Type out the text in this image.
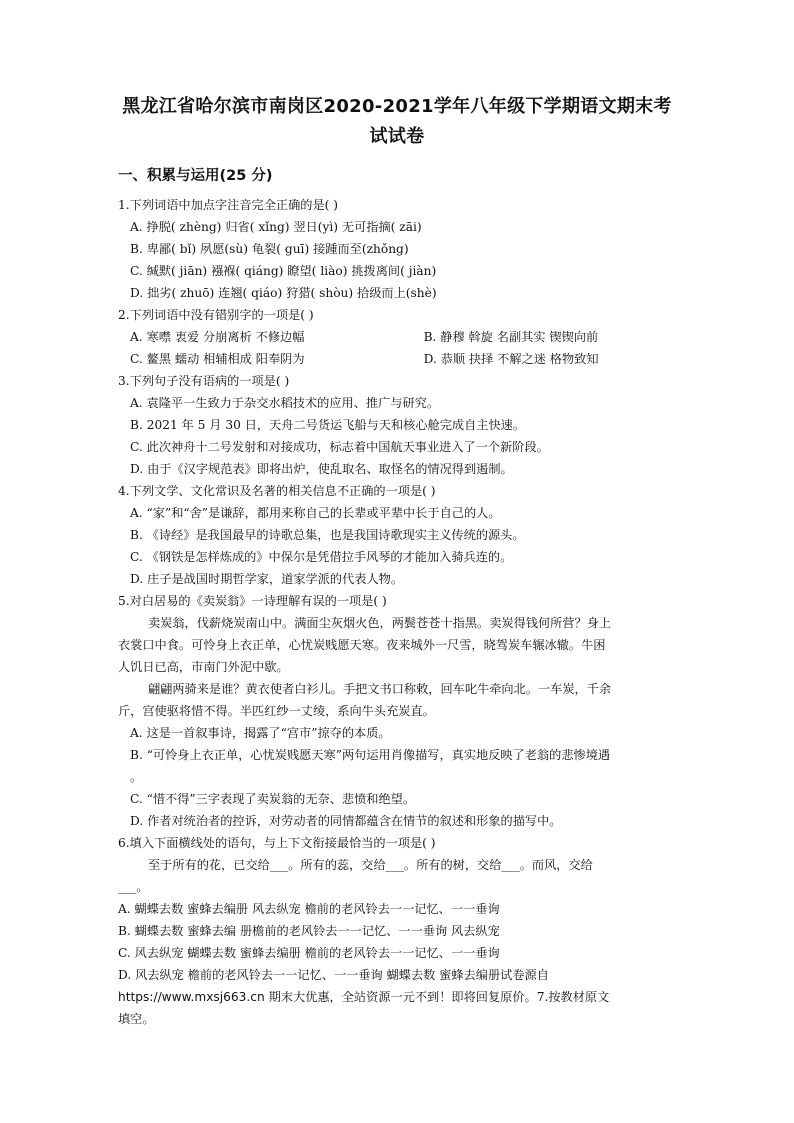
黑龙江省哈尔滨市南岗区2020-2021学年八年级下学期语文期末考
试试卷
一、积累与运用(25 分)
1.下列词语中加点字注音完全正确的是( )
A. 挣脱( zhèng) 归省( xǐng) 翌日(yì) 无可指摘( zāi)
B. 卑鄙( bǐ) 夙愿(sù) 龟裂( guī) 接踵而至(zhǒng)
C. 缄默( jiān) 襁褓( qiáng) 瞭望( liào) 挑拨离间( jiàn)
D. 拙劣( zhuō) 连翘( qiáo) 狩猎( shòu) 拾级而上(shè)
2.下列词语中没有错别字的一项是( )
A. 寒噤 衷爱 分崩离析 不修边幅	B. 静穆 斡旋 名副其实 锲锲向前
C. 鳌黑 蠕动 相辅相成 阳奉阴为	D. 恭顺 抉择 不解之迷 格物致知
3.下列句子没有语病的一项是( )
A. 袁隆平一生致力于杂交水稻技术的应用、推广与研究。
B. 2021 年 5 月 30 日，天舟二号货运飞船与天和核心舱完成自主快速。
C. 此次神舟十二号发射和对接成功，标志着中国航天事业进入了一个新阶段。
D. 由于《汉字规范表》即将出炉，使乱取名、取怪名的情况得到遏制。
4.下列文学、文化常识及名著的相关信息不正确的一项是( )
A. “家”和“舍”是谦辞，都用来称自己的长辈或平辈中长于自己的人。
B. 《诗经》是我国最早的诗歌总集，也是我国诗歌现实主义传统的源头。
C. 《钢铁是怎样炼成的》中保尔是凭借拉手风琴的才能加入骑兵连的。
D. 庄子是战国时期哲学家，道家学派的代表人物。
5.对白居易的《卖炭翁》一诗理解有误的一项是( )
卖炭翁，伐薪烧炭南山中。满面尘灰烟火色，两鬓苍苍十指黑。卖炭得钱何所营？身上
衣裳口中食。可怜身上衣正单，心忧炭贱愿天寒。夜来城外一尺雪，晓驾炭车辗冰辙。牛困
人饥日已高，市南门外泥中歇。
翩翩两骑来是谁？黄衣使者白衫儿。手把文书口称敕，回车叱牛牵向北。一车炭，千余
斤，宫使驱将惜不得。半匹红纱一丈绫，系向牛头充炭直。
A. 这是一首叙事诗，揭露了“宫市”掠夺的本质。
B. “可怜身上衣正单，心忧炭贱愿天寒”两句运用肖像描写，真实地反映了老翁的悲惨境遇
。
C. “惜不得”三字表现了卖炭翁的无奈、悲愤和绝望。
D. 作者对统治者的控诉，对劳动者的同情都蕴含在情节的叙述和形象的描写中。
6.填入下面横线处的语句，与上下文衔接最恰当的一项是( )
至于所有的花，已交给___。所有的蕊，交给___。所有的树，交给___。而风，交给
___。
A. 蝴蝶去数 蜜蜂去编册 风去纵宠 檐前的老风铃去一一记忆、一一垂询
B. 蝴蝶去数 蜜蜂去编 册檐前的老风铃去一一记忆、一一垂询 风去纵宠
C. 风去纵宠 蝴蝶去数 蜜蜂去编册 檐前的老风铃去一一记忆、一一垂询
D. 风去纵宠 檐前的老风铃去一一记忆、一一垂询 蝴蝶去数 蜜蜂去编册试卷源自
https://www.mxsj663.cn 期末大优惠，全站资源一元不到！即将回复原价。7.按教材原文
填空。
